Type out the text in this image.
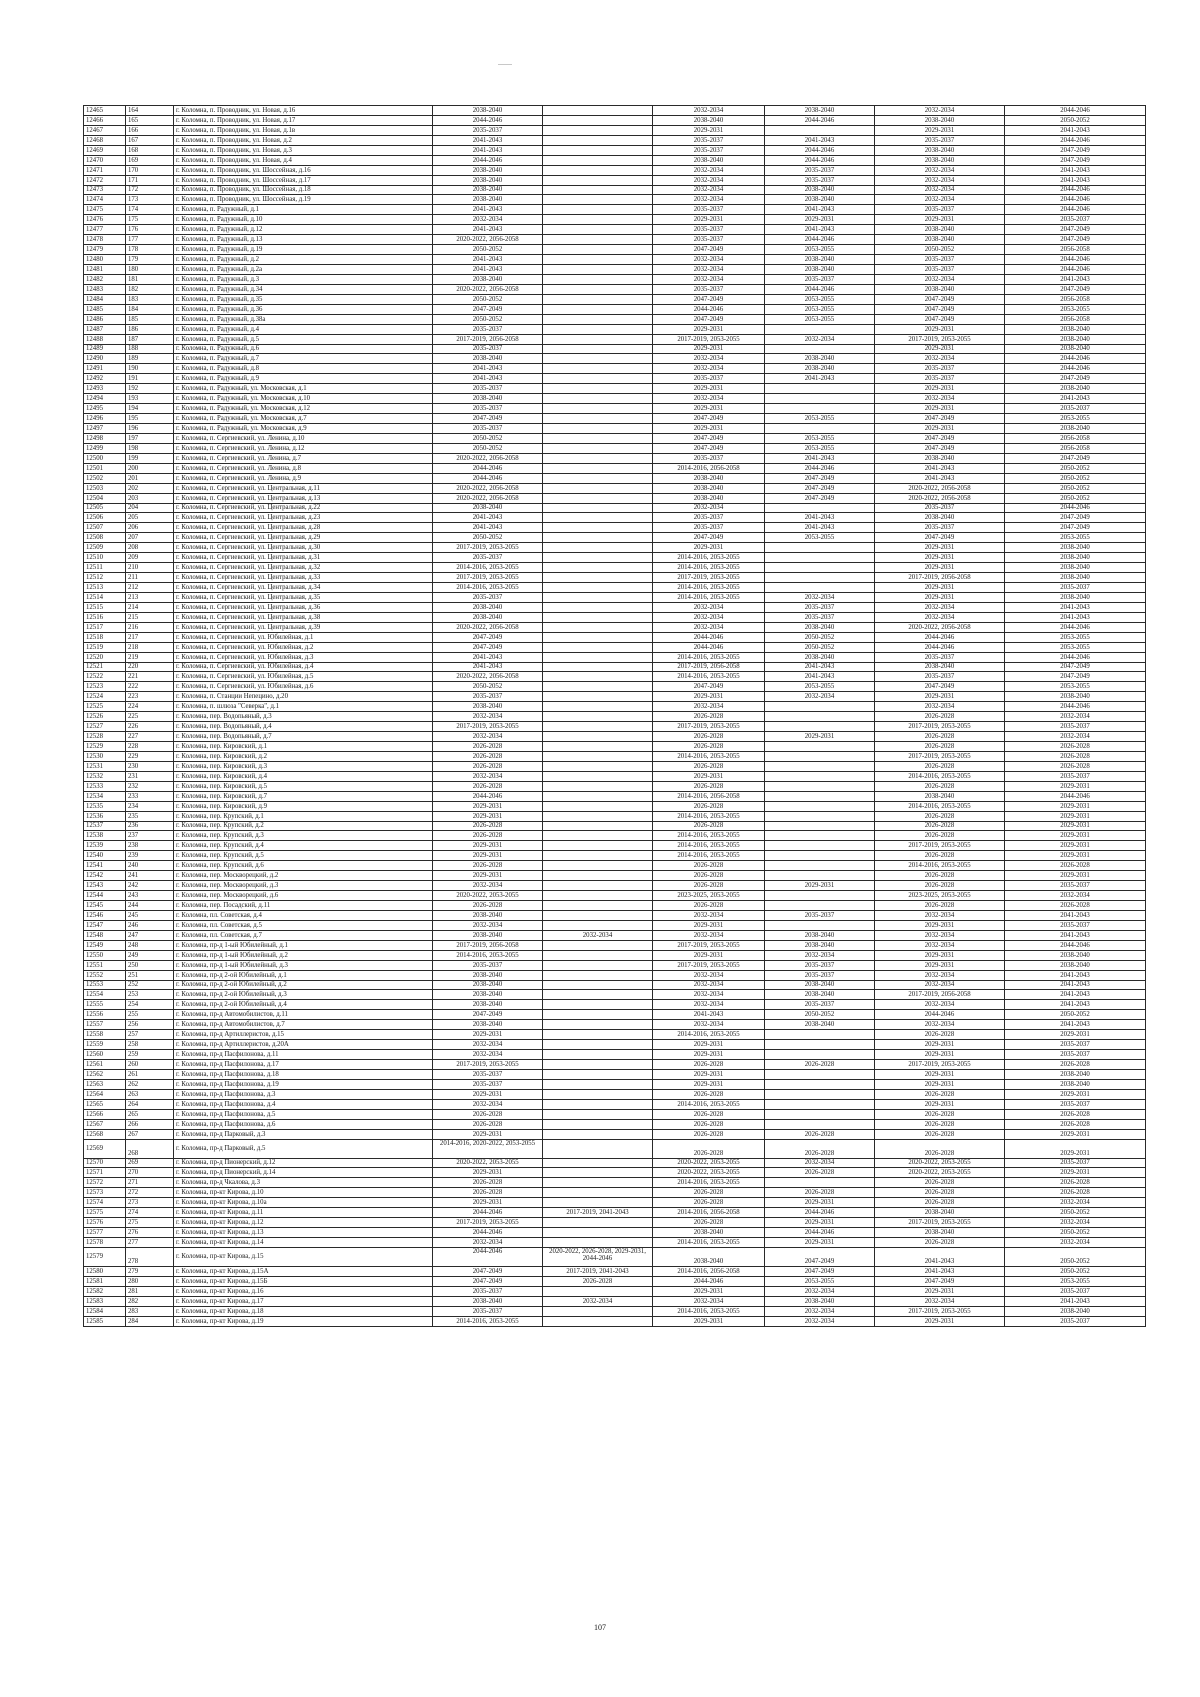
12465	164	г. Коломна, п. Проводник, ул. Новая, д.16	2038-2040		2032-2034	2038-2040	2032-2034	2044-2046
12466	165	г. Коломна, п. Проводник, ул. Новая, д.17	2044-2046		2038-2040	2044-2046	2038-2040	2050-2052
12467	166	г. Коломна, п. Проводник, ул. Новая, д.1в	2035-2037		2029-2031		2029-2031	2041-2043
12468	167	г. Коломна, п. Проводник, ул. Новая, д.2	2041-2043		2035-2037	2041-2043	2035-2037	2044-2046
12469	168	г. Коломна, п. Проводник, ул. Новая, д.3	2041-2043		2035-2037	2044-2046	2038-2040	2047-2049
12470	169	г. Коломна, п. Проводник, ул. Новая, д.4	2044-2046		2038-2040	2044-2046	2038-2040	2047-2049
12471	170	г. Коломна, п. Проводник, ул. Шоссейная, д.16	2038-2040		2032-2034	2035-2037	2032-2034	2041-2043
12472	171	г. Коломна, п. Проводник, ул. Шоссейная, д.17	2038-2040		2032-2034	2035-2037	2032-2034	2041-2043
12473	172	г. Коломна, п. Проводник, ул. Шоссейная, д.18	2038-2040		2032-2034	2038-2040	2032-2034	2044-2046
12474	173	г. Коломна, п. Проводник, ул. Шоссейная, д.19	2038-2040		2032-2034	2038-2040	2032-2034	2044-2046
12475	174	г. Коломна, п. Радужный, д.1	2041-2043		2035-2037	2041-2043	2035-2037	2044-2046
12476	175	г. Коломна, п. Радужный, д.10	2032-2034		2029-2031	2029-2031	2029-2031	2035-2037
12477	176	г. Коломна, п. Радужный, д.12	2041-2043		2035-2037	2041-2043	2038-2040	2047-2049
12478	177	г. Коломна, п. Радужный, д.13	2020-2022, 2056-2058		2035-2037	2044-2046	2038-2040	2047-2049
12479	178	г. Коломна, п. Радужный, д.19	2050-2052		2047-2049	2053-2055	2050-2052	2056-2058
12480	179	г. Коломна, п. Радужный, д.2	2041-2043		2032-2034	2038-2040	2035-2037	2044-2046
12481	180	г. Коломна, п. Радужный, д.2а	2041-2043		2032-2034	2038-2040	2035-2037	2044-2046
12482	181	г. Коломна, п. Радужный, д.3	2038-2040		2032-2034	2035-2037	2032-2034	2041-2043
12483	182	г. Коломна, п. Радужный, д.34	2020-2022, 2056-2058		2035-2037	2044-2046	2038-2040	2047-2049
12484	183	г. Коломна, п. Радужный, д.35	2050-2052		2047-2049	2053-2055	2047-2049	2056-2058
12485	184	г. Коломна, п. Радужный, д.36	2047-2049		2044-2046	2053-2055	2047-2049	2053-2055
12486	185	г. Коломна, п. Радужный, д.38а	2050-2052		2047-2049	2053-2055	2047-2049	2056-2058
12487	186	г. Коломна, п. Радужный, д.4	2035-2037		2029-2031		2029-2031	2038-2040
12488	187	г. Коломна, п. Радужный, д.5	2017-2019, 2056-2058		2017-2019, 2053-2055	2032-2034	2017-2019, 2053-2055	2038-2040
12489	188	г. Коломна, п. Радужный, д.6	2035-2037		2029-2031		2029-2031	2038-2040
12490	189	г. Коломна, п. Радужный, д.7	2038-2040		2032-2034	2038-2040	2032-2034	2044-2046
12491	190	г. Коломна, п. Радужный, д.8	2041-2043		2032-2034	2038-2040	2035-2037	2044-2046
12492	191	г. Коломна, п. Радужный, д.9	2041-2043		2035-2037	2041-2043	2035-2037	2047-2049
12493	192	г. Коломна, п. Радужный, ул. Московская, д.1	2035-2037		2029-2031		2029-2031	2038-2040
12494	193	г. Коломна, п. Радужный, ул. Московская, д.10	2038-2040		2032-2034		2032-2034	2041-2043
12495	194	г. Коломна, п. Радужный, ул. Московская, д.12	2035-2037		2029-2031		2029-2031	2035-2037
12496	195	г. Коломна, п. Радужный, ул. Московская, д.7	2047-2049		2047-2049	2053-2055	2047-2049	2053-2055
12497	196	г. Коломна, п. Радужный, ул. Московская, д.9	2035-2037		2029-2031		2029-2031	2038-2040
12498	197	г. Коломна, п. Сергиевский, ул. Ленина, д.10	2050-2052		2047-2049	2053-2055	2047-2049	2056-2058
12499	198	г. Коломна, п. Сергиевский, ул. Ленина, д.12	2050-2052		2047-2049	2053-2055	2047-2049	2056-2058
12500	199	г. Коломна, п. Сергиевский, ул. Ленина, д.7	2020-2022, 2056-2058		2035-2037	2041-2043	2038-2040	2047-2049
12501	200	г. Коломна, п. Сергиевский, ул. Ленина, д.8	2044-2046		2014-2016, 2056-2058	2044-2046	2041-2043	2050-2052
12502	201	г. Коломна, п. Сергиевский, ул. Ленина, д.9	2044-2046		2038-2040	2047-2049	2041-2043	2050-2052
12503	202	г. Коломна, п. Сергиевский, ул. Центральная, д.11	2020-2022, 2056-2058		2038-2040	2047-2049	2020-2022, 2056-2058	2050-2052
12504	203	г. Коломна, п. Сергиевский, ул. Центральная, д.13	2020-2022, 2056-2058		2038-2040	2047-2049	2020-2022, 2056-2058	2050-2052
12505	204	г. Коломна, п. Сергиевский, ул. Центральная, д.22	2038-2040		2032-2034		2035-2037	2044-2046
12506	205	г. Коломна, п. Сергиевский, ул. Центральная, д.23	2041-2043		2035-2037	2041-2043	2038-2040	2047-2049
12507	206	г. Коломна, п. Сергиевский, ул. Центральная, д.28	2041-2043		2035-2037	2041-2043	2035-2037	2047-2049
12508	207	г. Коломна, п. Сергиевский, ул. Центральная, д.29	2050-2052		2047-2049	2053-2055	2047-2049	2053-2055
12509	208	г. Коломна, п. Сергиевский, ул. Центральная, д.30	2017-2019, 2053-2055		2029-2031		2029-2031	2038-2040
12510	209	г. Коломна, п. Сергиевский, ул. Центральная, д.31	2035-2037		2014-2016, 2053-2055		2029-2031	2038-2040
12511	210	г. Коломна, п. Сергиевский, ул. Центральная, д.32	2014-2016, 2053-2055		2014-2016, 2053-2055		2029-2031	2038-2040
12512	211	г. Коломна, п. Сергиевский, ул. Центральная, д.33	2017-2019, 2053-2055		2017-2019, 2053-2055		2017-2019, 2056-2058	2038-2040
12513	212	г. Коломна, п. Сергиевский, ул. Центральная, д.34	2014-2016, 2053-2055		2014-2016, 2053-2055		2029-2031	2035-2037
12514	213	г. Коломна, п. Сергиевский, ул. Центральная, д.35	2035-2037		2014-2016, 2053-2055	2032-2034	2029-2031	2038-2040
12515	214	г. Коломна, п. Сергиевский, ул. Центральная, д.36	2038-2040		2032-2034	2035-2037	2032-2034	2041-2043
12516	215	г. Коломна, п. Сергиевский, ул. Центральная, д.38	2038-2040		2032-2034	2035-2037	2032-2034	2041-2043
12517	216	г. Коломна, п. Сергиевский, ул. Центральная, д.39	2020-2022, 2056-2058		2032-2034	2038-2040	2020-2022, 2056-2058	2044-2046
12518	217	г. Коломна, п. Сергиевский, ул. Юбилейная, д.1	2047-2049		2044-2046	2050-2052	2044-2046	2053-2055
12519	218	г. Коломна, п. Сергиевский, ул. Юбилейная, д.2	2047-2049		2044-2046	2050-2052	2044-2046	2053-2055
12520	219	г. Коломна, п. Сергиевский, ул. Юбилейная, д.3	2041-2043		2014-2016, 2053-2055	2038-2040	2035-2037	2044-2046
12521	220	г. Коломна, п. Сергиевский, ул. Юбилейная, д.4	2041-2043		2017-2019, 2056-2058	2041-2043	2038-2040	2047-2049
12522	221	г. Коломна, п. Сергиевский, ул. Юбилейная, д.5	2020-2022, 2056-2058		2014-2016, 2053-2055	2041-2043	2035-2037	2047-2049
12523	222	г. Коломна, п. Сергиевский, ул. Юбилейная, д.6	2050-2052		2047-2049	2053-2055	2047-2049	2053-2055
12524	223	г. Коломна, п. Станции Непецино, д.20	2035-2037		2029-2031	2032-2034	2029-2031	2038-2040
12525	224	г. Коломна, п. шлюза "Северка", д.1	2038-2040		2032-2034		2032-2034	2044-2046
12526	225	г. Коломна, пер. Водопьяный, д.3	2032-2034		2026-2028		2026-2028	2032-2034
12527	226	г. Коломна, пер. Водопьяный, д.4	2017-2019, 2053-2055		2017-2019, 2053-2055		2017-2019, 2053-2055	2035-2037
12528	227	г. Коломна, пер. Водопьяный, д.7	2032-2034		2026-2028	2029-2031	2026-2028	2032-2034
12529	228	г. Коломна, пер. Кировский, д.1	2026-2028		2026-2028		2026-2028	2026-2028
12530	229	г. Коломна, пер. Кировский, д.2	2026-2028		2014-2016, 2053-2055		2017-2019, 2053-2055	2026-2028
12531	230	г. Коломна, пер. Кировский, д.3	2026-2028		2026-2028		2026-2028	2026-2028
12532	231	г. Коломна, пер. Кировский, д.4	2032-2034		2029-2031		2014-2016, 2053-2055	2035-2037
12533	232	г. Коломна, пер. Кировский, д.5	2026-2028		2026-2028		2026-2028	2029-2031
12534	233	г. Коломна, пер. Кировский, д.7	2044-2046		2014-2016, 2056-2058		2038-2040	2044-2046
12535	234	г. Коломна, пер. Кировский, д.9	2029-2031		2026-2028		2014-2016, 2053-2055	2029-2031
12536	235	г. Коломна, пер. Крупский, д.1	2029-2031		2014-2016, 2053-2055		2026-2028	2029-2031
12537	236	г. Коломна, пер. Крупский, д.2	2026-2028		2026-2028		2026-2028	2029-2031
12538	237	г. Коломна, пер. Крупский, д.3	2026-2028		2014-2016, 2053-2055		2026-2028	2029-2031
12539	238	г. Коломна, пер. Крупский, д.4	2029-2031		2014-2016, 2053-2055		2017-2019, 2053-2055	2029-2031
12540	239	г. Коломна, пер. Крупский, д.5	2029-2031		2014-2016, 2053-2055		2026-2028	2029-2031
12541	240	г. Коломна, пер. Крупский, д.6	2026-2028		2026-2028		2014-2016, 2053-2055	2026-2028
12542	241	г. Коломна, пер. Москворецкий, д.2	2029-2031		2026-2028		2026-2028	2029-2031
12543	242	г. Коломна, пер. Москворецкий, д.3	2032-2034		2026-2028	2029-2031	2026-2028	2035-2037
12544	243	г. Коломна, пер. Москворецкий, д.6	2020-2022, 2053-2055		2023-2025, 2053-2055		2023-2025, 2053-2055	2032-2034
12545	244	г. Коломна, пер. Посадский, д.11	2026-2028		2026-2028		2026-2028	2026-2028
12546	245	г. Коломна, пл. Советская, д.4	2038-2040		2032-2034	2035-2037	2032-2034	2041-2043
12547	246	г. Коломна, пл. Советская, д.5	2032-2034		2029-2031		2029-2031	2035-2037
12548	247	г. Коломна, пл. Советская, д.7	2038-2040	2032-2034	2032-2034	2038-2040	2032-2034	2041-2043
12549	248	г. Коломна, пр-д 1-ый Юбилейный, д.1	2017-2019, 2056-2058		2017-2019, 2053-2055	2038-2040	2032-2034	2044-2046
12550	249	г. Коломна, пр-д 1-ый Юбилейный, д.2	2014-2016, 2053-2055		2029-2031	2032-2034	2029-2031	2038-2040
12551	250	г. Коломна, пр-д 1-ый Юбилейный, д.3	2035-2037		2017-2019, 2053-2055	2035-2037	2029-2031	2038-2040
12552	251	г. Коломна, пр-д 2-ой Юбилейный, д.1	2038-2040		2032-2034	2035-2037	2032-2034	2041-2043
12553	252	г. Коломна, пр-д 2-ой Юбилейный, д.2	2038-2040		2032-2034	2038-2040	2032-2034	2041-2043
12554	253	г. Коломна, пр-д 2-ой Юбилейный, д.3	2038-2040		2032-2034	2038-2040	2017-2019, 2056-2058	2041-2043
12555	254	г. Коломна, пр-д 2-ой Юбилейный, д.4	2038-2040		2032-2034	2035-2037	2032-2034	2041-2043
12556	255	г. Коломна, пр-д Автомобилистов, д.11	2047-2049		2041-2043	2050-2052	2044-2046	2050-2052
12557	256	г. Коломна, пр-д Автомобилистов, д.7	2038-2040		2032-2034	2038-2040	2032-2034	2041-2043
12558	257	г. Коломна, пр-д Артиллеристов, д.15	2029-2031		2014-2016, 2053-2055		2026-2028	2029-2031
12559	258	г. Коломна, пр-д Артиллеристов, д.20А	2032-2034		2029-2031		2029-2031	2035-2037
12560	259	г. Коломна, пр-д Пасфилонова, д.11	2032-2034		2029-2031		2029-2031	2035-2037
12561	260	г. Коломна, пр-д Пасфилонова, д.17	2017-2019, 2053-2055		2026-2028	2026-2028	2017-2019, 2053-2055	2026-2028
12562	261	г. Коломна, пр-д Пасфилонова, д.18	2035-2037		2029-2031		2029-2031	2038-2040
12563	262	г. Коломна, пр-д Пасфилонова, д.19	2035-2037		2029-2031		2029-2031	2038-2040
12564	263	г. Коломна, пр-д Пасфилонова, д.3	2029-2031		2026-2028		2026-2028	2029-2031
12565	264	г. Коломна, пр-д Пасфилонова, д.4	2032-2034		2014-2016, 2053-2055		2029-2031	2035-2037
12566	265	г. Коломна, пр-д Пасфилонова, д.5	2026-2028		2026-2028		2026-2028	2026-2028
12567	266	г. Коломна, пр-д Пасфилонова, д.6	2026-2028		2026-2028		2026-2028	2026-2028
12568	267	г. Коломна, пр-д Парковый, д.3	2029-2031		2026-2028	2026-2028	2026-2028	2029-2031
12569	268	г. Коломна, пр-д Парковый, д.5	2014-2016, 2020-2022, 2053-2055		2026-2028	2026-2028	2026-2028	2029-2031
12570	269	г. Коломна, пр-д Пионерский, д.12	2020-2022, 2053-2055		2020-2022, 2053-2055	2032-2034	2020-2022, 2053-2055	2035-2037
12571	270	г. Коломна, пр-д Пионерский, д.14	2029-2031		2020-2022, 2053-2055	2026-2028	2020-2022, 2053-2055	2029-2031
12572	271	г. Коломна, пр-д Чкалова, д.3	2026-2028		2014-2016, 2053-2055		2026-2028	2026-2028
12573	272	г. Коломна, пр-кт Кирова, д.10	2026-2028		2026-2028	2026-2028	2026-2028	2026-2028
12574	273	г. Коломна, пр-кт Кирова, д.10а	2029-2031		2026-2028	2029-2031	2026-2028	2032-2034
12575	274	г. Коломна, пр-кт Кирова, д.11	2044-2046	2017-2019, 2041-2043	2014-2016, 2056-2058	2044-2046	2038-2040	2050-2052
12576	275	г. Коломна, пр-кт Кирова, д.12	2017-2019, 2053-2055		2026-2028	2029-2031	2017-2019, 2053-2055	2032-2034
12577	276	г. Коломна, пр-кт Кирова, д.13	2044-2046		2038-2040	2044-2046	2038-2040	2050-2052
12578	277	г. Коломна, пр-кт Кирова, д.14	2032-2034		2014-2016, 2053-2055	2029-2031	2026-2028	2032-2034
12579	278	г. Коломна, пр-кт Кирова, д.15	2044-2046	2020-2022, 2026-2028, 2029-2031, 2044-2046	2038-2040	2047-2049	2041-2043	2050-2052
12580	279	г. Коломна, пр-кт Кирова, д.15А	2047-2049	2017-2019, 2041-2043	2014-2016, 2056-2058	2047-2049	2041-2043	2050-2052
12581	280	г. Коломна, пр-кт Кирова, д.15Б	2047-2049	2026-2028	2044-2046	2053-2055	2047-2049	2053-2055
12582	281	г. Коломна, пр-кт Кирова, д.16	2035-2037		2029-2031	2032-2034	2029-2031	2035-2037
12583	282	г. Коломна, пр-кт Кирова, д.17	2038-2040	2032-2034	2032-2034	2038-2040	2032-2034	2041-2043
12584	283	г. Коломна, пр-кт Кирова, д.18	2035-2037		2014-2016, 2053-2055	2032-2034	2017-2019, 2053-2055	2038-2040
12585	284	г. Коломна, пр-кт Кирова, д.19	2014-2016, 2053-2055		2029-2031	2032-2034	2029-2031	2035-2037
107
